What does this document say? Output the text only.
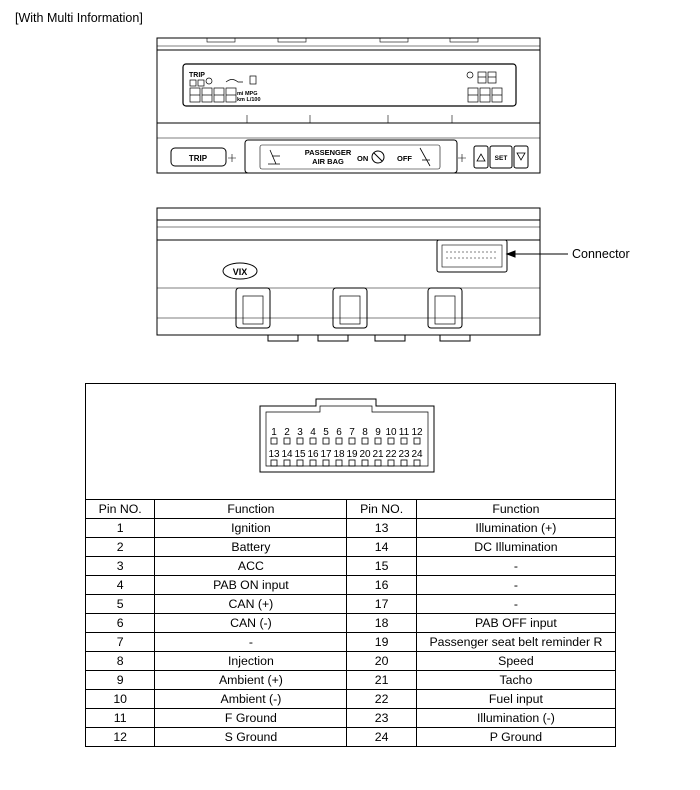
[With Multi Information]
TRIP
mi MPG
km L/100
TRIP
PASSENGER
AIR BAG ON	OFF	SET
VIX
Connector
1 2 3 4 5 6 7 8 9 10 11 12
13 14 15 16 17 18 19 20 21 22 23 24
Pin NO.	Function	Pin NO.	Function
1	Ignition	13	Illumination (+)
2	Battery	14	DC Illumination
3	ACC	15	-
4	PAB ON input	16	-
5	CAN (+)	17	-
6	CAN (-)	18	PAB OFF input
7	-	19	Passenger seat belt reminder R
8	Injection	20	Speed
9	Ambient (+)	21	Tacho
10	Ambient (-)	22	Fuel input
11	F Ground	23	Illumination (-)
12	S Ground	24	P Ground
